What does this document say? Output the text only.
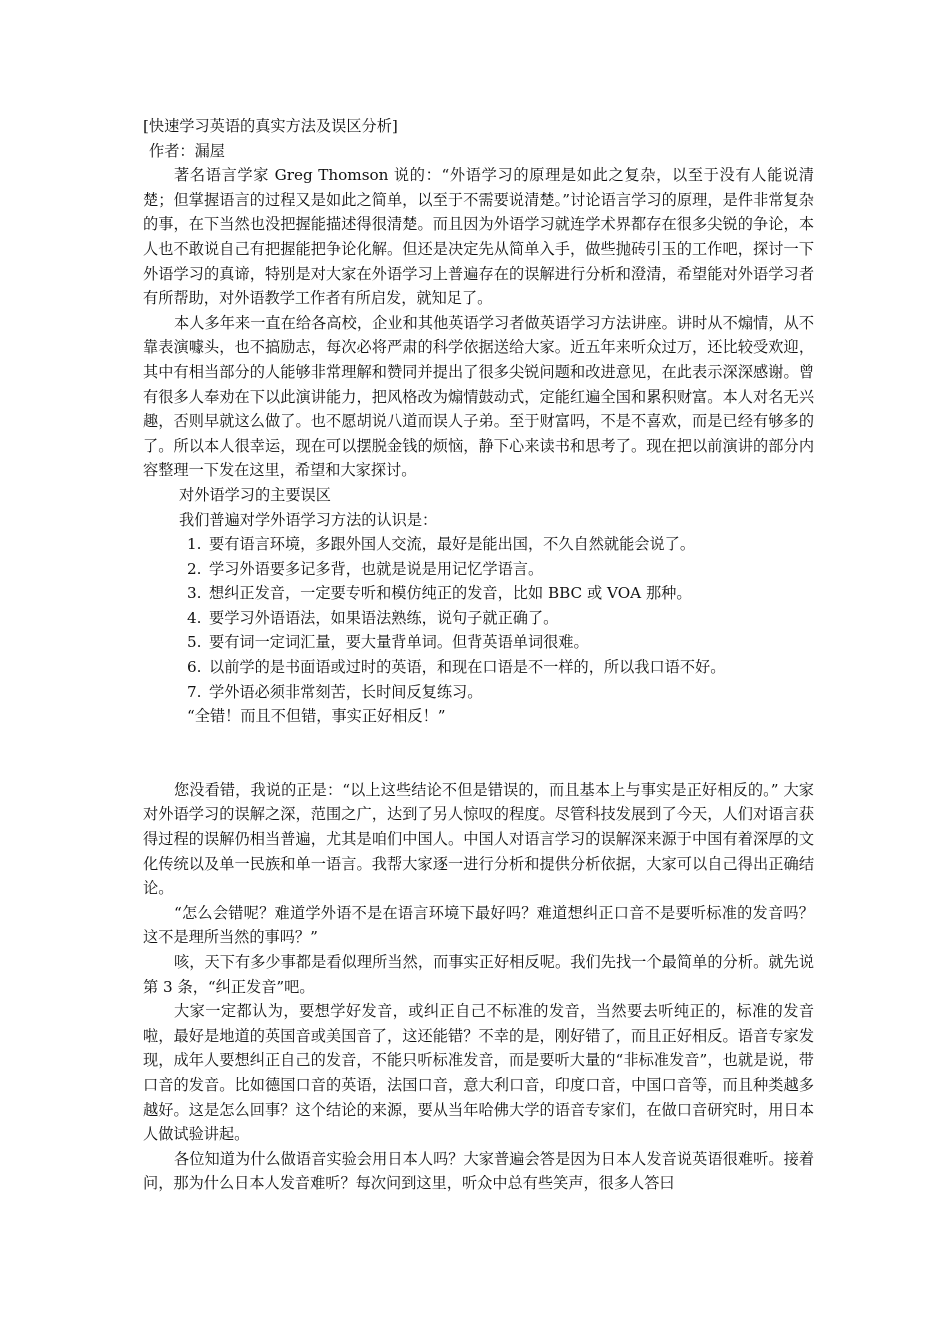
[快速学习英语的真实方法及误区分析]

作者：漏屋

著名语言学家 Greg Thomson 说的：“外语学习的原理是如此之复杂，以至于没有人能说清楚；但掌握语言的过程又是如此之简单，以至于不需要说清楚。”讨论语言学习的原理，是件非常复杂的事，在下当然也没把握能描述得很清楚。而且因为外语学习就连学术界都存在很多尖锐的争论，本人也不敢说自己有把握能把争论化解。但还是决定先从简单入手，做些抛砖引玉的工作吧，探讨一下外语学习的真谛，特别是对大家在外语学习上普遍存在的误解进行分析和澄清，希望能对外语学习者有所帮助，对外语教学工作者有所启发，就知足了。

本人多年来一直在给各高校，企业和其他英语学习者做英语学习方法讲座。讲时从不煽情，从不靠表演噱头，也不搞励志，每次必将严肃的科学依据送给大家。近五年来听众过万，还比较受欢迎，其中有相当部分的人能够非常理解和赞同并提出了很多尖锐问题和改进意见，在此表示深深感谢。曾有很多人奉劝在下以此演讲能力，把风格改为煽情鼓动式，定能红遍全国和累积财富。本人对名无兴趣，否则早就这么做了。也不愿胡说八道而误人子弟。至于财富吗，不是不喜欢，而是已经有够多的了。所以本人很幸运，现在可以摆脱金钱的烦恼，静下心来读书和思考了。现在把以前演讲的部分内容整理一下发在这里，希望和大家探讨。

对外语学习的主要误区

我们普遍对学外语学习方法的认识是：

1. 要有语言环境，多跟外国人交流，最好是能出国，不久自然就能会说了。

2. 学习外语要多记多背，也就是说是用记忆学语言。

3. 想纠正发音，一定要专听和模仿纯正的发音，比如 BBC 或 VOA 那种。

4. 要学习外语语法，如果语法熟练，说句子就正确了。

5. 要有词一定词汇量，要大量背单词。但背英语单词很难。

6. 以前学的是书面语或过时的英语，和现在口语是不一样的，所以我口语不好。

7. 学外语必须非常刻苦，长时间反复练习。

“全错！而且不但错，事实正好相反！”

您没看错，我说的正是：“以上这些结论不但是错误的，而且基本上与事实是正好相反的。” 大家对外语学习的误解之深，范围之广，达到了另人惊叹的程度。尽管科技发展到了今天，人们对语言获得过程的误解仍相当普遍，尤其是咱们中国人。中国人对语言学习的误解深来源于中国有着深厚的文化传统以及单一民族和单一语言。我帮大家逐一进行分析和提供分析依据，大家可以自己得出正确结论。

“怎么会错呢？难道学外语不是在语言环境下最好吗？难道想纠正口音不是要听标准的发音吗？这不是理所当然的事吗？”

咳，天下有多少事都是看似理所当然，而事实正好相反呢。我们先找一个最简单的分析。就先说第 3 条，“纠正发音”吧。

大家一定都认为，要想学好发音，或纠正自己不标准的发音，当然要去听纯正的，标准的发音啦，最好是地道的英国音或美国音了，这还能错？不幸的是，刚好错了，而且正好相反。语音专家发现，成年人要想纠正自己的发音，不能只听标准发音，而是要听大量的“非标准发音”，也就是说，带口音的发音。比如德国口音的英语，法国口音，意大利口音，印度口音，中国口音等，而且种类越多越好。这是怎么回事？这个结论的来源，要从当年哈佛大学的语音专家们，在做口音研究时，用日本人做试验讲起。

各位知道为什么做语音实验会用日本人吗？大家普遍会答是因为日本人发音说英语很难听。接着问，那为什么日本人发音难听？每次问到这里，听众中总有些笑声，很多人答曰
